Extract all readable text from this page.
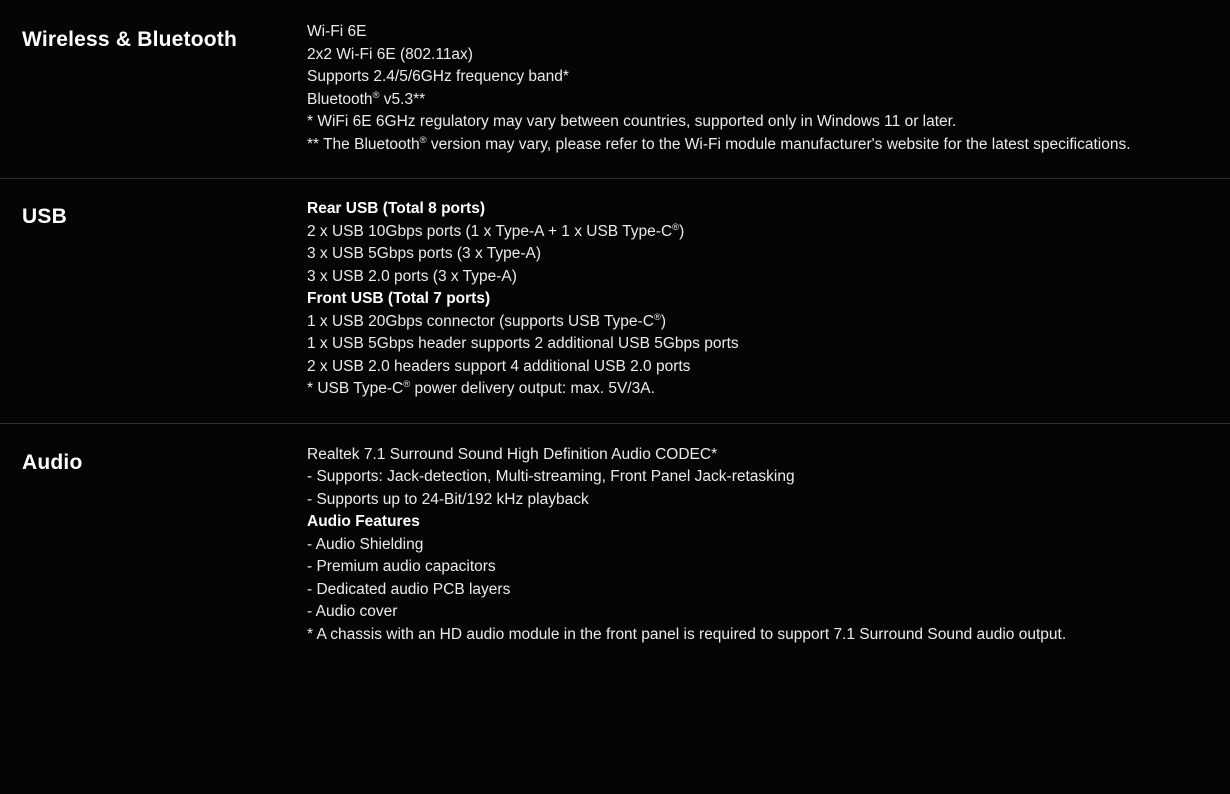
Wireless & Bluetooth	Wi-Fi 6E
2x2 Wi-Fi 6E (802.11ax)
Supports 2.4/5/6GHz frequency band*
Bluetooth® v5.3**
* WiFi 6E 6GHz regulatory may vary between countries, supported only in Windows 11 or later.
** The Bluetooth® version may vary, please refer to the Wi-Fi module manufacturer's website for the latest specifications.
USB	Rear USB (Total 8 ports)
2 x USB 10Gbps ports (1 x Type-A + 1 x USB Type-C®)
3 x USB 5Gbps ports (3 x Type-A)
3 x USB 2.0 ports (3 x Type-A)
Front USB (Total 7 ports)
1 x USB 20Gbps connector (supports USB Type-C®)
1 x USB 5Gbps header supports 2 additional USB 5Gbps ports
2 x USB 2.0 headers support 4 additional USB 2.0 ports
* USB Type-C® power delivery output: max. 5V/3A.
Audio	Realtek 7.1 Surround Sound High Definition Audio CODEC*
- Supports: Jack-detection, Multi-streaming, Front Panel Jack-retasking
- Supports up to 24-Bit/192 kHz playback
Audio Features
- Audio Shielding
- Premium audio capacitors
- Dedicated audio PCB layers
- Audio cover
* A chassis with an HD audio module in the front panel is required to support 7.1 Surround Sound audio output.
